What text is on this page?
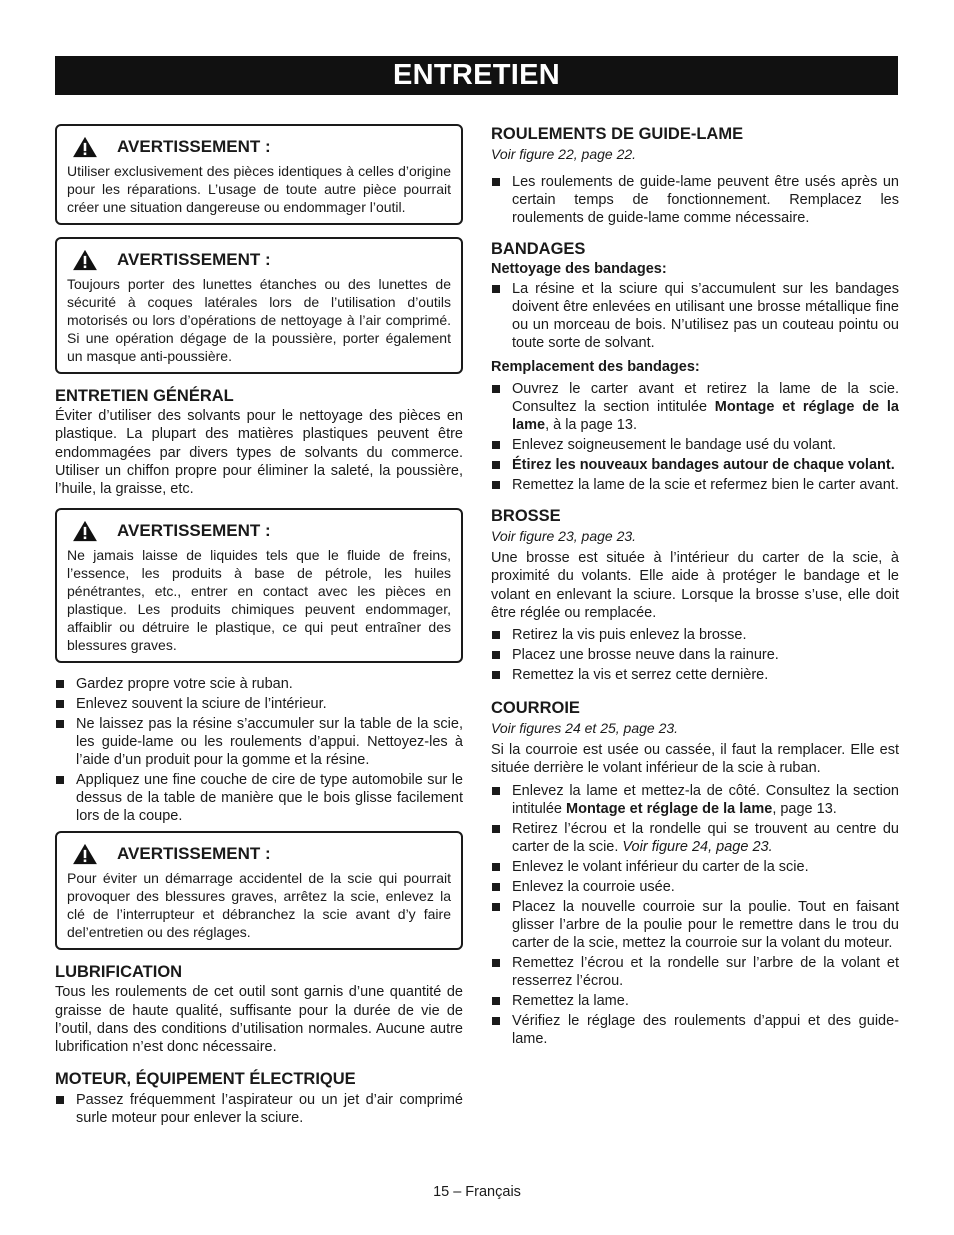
ENTRETIEN
AVERTISSEMENT :

Utiliser exclusivement des pièces identiques à celles d’origine pour les réparations. L’usage de toute autre pièce pourrait créer une situation dangereuse ou endommager l’outil.

AVERTISSEMENT :

Toujours porter des lunettes étanches ou des lunettes de sécurité à coques latérales lors de l’utilisation d’outils motorisés ou lors d’opérations de nettoyage à l’air comprimé. Si une opération dégage de la poussière, porter également un masque anti-poussière.

ENTRETIEN GÉNÉRAL

Éviter d’utiliser des solvants pour le nettoyage des pièces en plastique. La plupart des matières plastiques peuvent être endommagées par divers types de solvants du commerce. Utiliser un chiffon propre pour éliminer la saleté, la poussière, l’huile, la graisse, etc.

AVERTISSEMENT :

Ne jamais laisse de liquides tels que le fluide de freins, l’essence, les produits à base de pétrole, les huiles pénétrantes, etc., entrer en contact avec les pièces en plastique. Les produits chimiques peuvent endommager, affaiblir ou détruire le plastique, ce qui peut entraîner des blessures graves.

Gardez propre votre scie à ruban.
Enlevez souvent la sciure de l’intérieur.
Ne laissez pas la résine s’accumuler sur la table de la scie, les guide-lame ou les roulements d’appui. Nettoyez-les à l’aide d’un produit pour la gomme et la résine.
Appliquez une fine couche de cire de type automobile sur le dessus de la table de manière que le bois glisse facilement lors de la coupe.
AVERTISSEMENT :

Pour éviter un démarrage accidentel de la scie qui pourrait provoquer des blessures graves, arrêtez la scie, enlevez la clé de l’interrupteur et débranchez la scie avant d’y faire del’entretien ou des réglages.

LUBRIFICATION

Tous les roulements de cet outil sont garnis d’une quantité de graisse de haute qualité, suffisante pour la durée de vie de l’outil, dans des conditions d’utilisation normales. Aucune autre lubrification n’est donc nécessaire.

MOTEUR, ÉQUIPEMENT ÉLECTRIQUE
Passez fréquemment l’aspirateur ou un jet d’air comprimé surle moteur pour enlever la sciure.
ROULEMENTS DE GUIDE-LAME

Voir figure 22, page 22.

Les roulements de guide-lame peuvent être usés après un certain temps de fonctionnement. Remplacez les roulements de guide-lame comme nécessaire.
BANDAGES
Nettoyage des bandages:
La résine et la sciure qui s’accumulent sur les bandages doivent être enlevées en utilisant une brosse métallique fine ou un morceau de bois. N’utilisez pas un couteau pointu ou toute sorte de solvant.
Remplacement des bandages:
Ouvrez le carter avant et retirez la lame de la scie. Consultez la section intitulée Montage et réglage de la lame, à la page 13.
Enlevez soigneusement le bandage usé du volant.
Étirez les nouveaux bandages autour de chaque volant.
Remettez la lame de la scie et refermez bien le carter avant.
BROSSE

Voir figure 23, page 23.

Une brosse est située à l’intérieur du carter de la scie, à proximité du volants. Elle aide à protéger le bandage et le volant en enlevant la sciure. Lorsque la brosse s’use, elle doit être réglée ou remplacée.

Retirez la vis puis enlevez la brosse.
Placez une brosse neuve dans la rainure.
Remettez la vis et serrez cette dernière.
COURROIE

Voir figures 24 et 25, page 23.

Si la courroie est usée ou cassée, il faut la remplacer. Elle est située derrière le volant inférieur de la scie à ruban.

Enlevez la lame et mettez-la de côté. Consultez la section intitulée Montage et réglage de la lame, page 13.
Retirez l’écrou et la rondelle qui se trouvent au centre du carter de la scie. Voir figure 24, page 23.
Enlevez le volant inférieur du carter de la scie.
Enlevez la courroie usée.
Placez la nouvelle courroie sur la poulie. Tout en faisant glisser l’arbre de la poulie pour le remettre dans le trou du carter de la scie, mettez la courroie sur la volant du moteur.
Remettez l’écrou et la rondelle sur l’arbre de la volant et resserrez l’écrou.
Remettez la lame.
Vérifiez le réglage des roulements d’appui et des guide-lame.
15 – Français
